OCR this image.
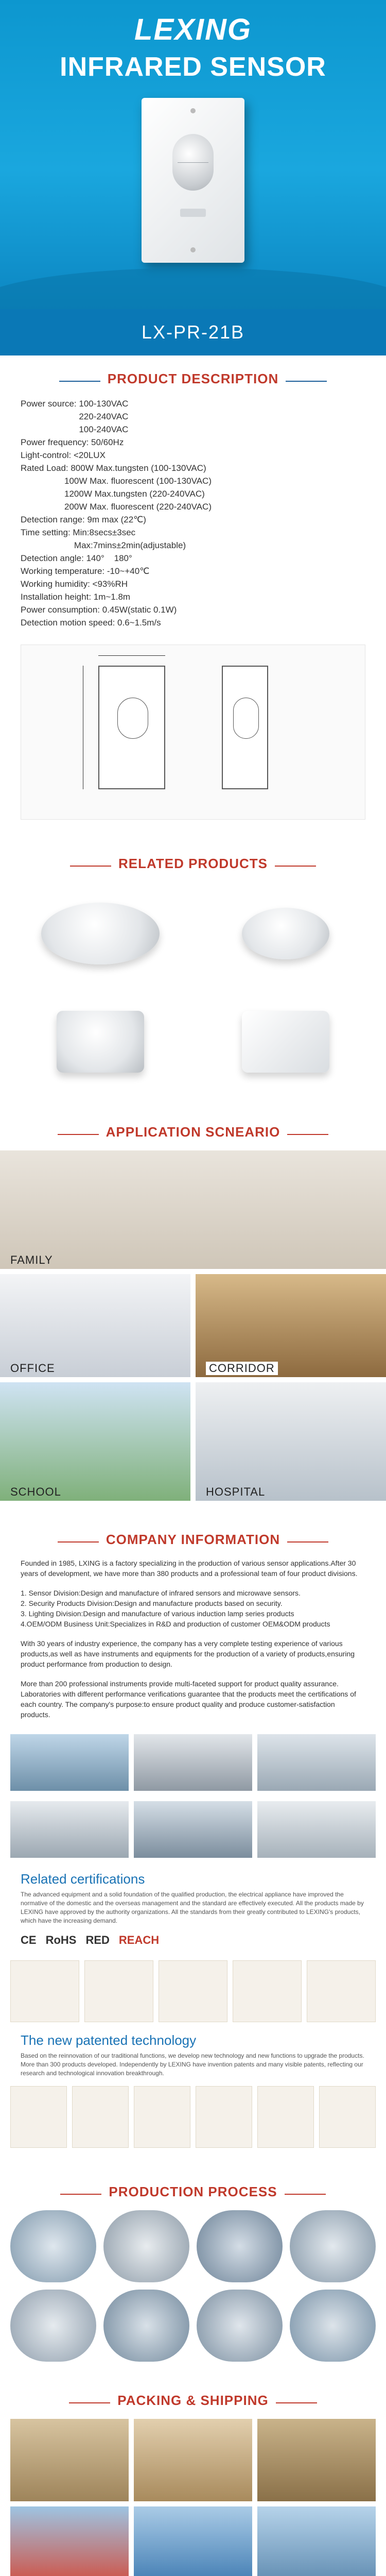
LEXING
INFRARED SENSOR
LX-PR-21B
PRODUCT DESCRIPTION
Power source: 100-130VAC
220-240VAC
100-240VAC
Power frequency: 50/60Hz
Light-control: <20LUX
Rated Load: 800W Max.tungsten (100-130VAC)
100W Max. fluorescent (100-130VAC)
1200W Max.tungsten (220-240VAC)
200W Max. fluorescent (220-240VAC)
Detection range: 9m max (22℃)
Time setting: Min:8secs±3sec
Max:7mins±2min(adjustable)
Detection angle: 140°    180°
Working temperature: -10~+40℃
Working humidity: <93%RH
Installation height: 1m~1.8m
Power consumption: 0.45W(static 0.1W)
Detection motion speed: 0.6~1.5m/s
RELATED PRODUCTS
APPLICATION SCNEARIO
FAMILY
OFFICE	CORRIDOR
SCHOOL	HOSPITAL
COMPANY INFORMATION

Founded in 1985, LXING is a factory specializing in the production of various sensor applications.After 30 years of development, we have more than 380 products and a professional team of four product divisions.

1. Sensor Division:Design and manufacture of infrared sensors and microwave sensors.
2. Security Products Division:Design and manufacture products based on security.
3. Lighting Division:Design and manufacture of various induction lamp series products
4.OEM/ODM Business Unit:Specializes in R&D and production of customer OEM&ODM products

With 30 years of industry experience, the company has a very complete testing experience of various products,as well as have instruments and equipments for the production of a variety of products,ensuring product performance from production to design.

More than 200 professional instruments provide multi-faceted support for product quality assurance. Laboratories with different performance verifications guarantee that the products meet the certifications of each country. The company's purpose:to ensure product quality and produce customer-satisfaction products.

Related certifications
The advanced equipment and a solid foundation of the qualified production, the electrical appliance have improved the normative of the domestic and the overseas management and the standard are effectively executed. All the products made by LEXING have approved by the authority organizations. All the standards from their greatly contributed to LEXING's products, which have the increasing demand.
CE RoHS RED REACH
The new patented technology
Based on the reinnovation of our traditional functions, we develop new technology and new functions to upgrade the products. More than 300 products developed. Independently by LEXING have invention patents and many visible patents, reflecting our research and technological innovation breakthrough.
PRODUCTION PROCESS
PACKING & SHIPPING
